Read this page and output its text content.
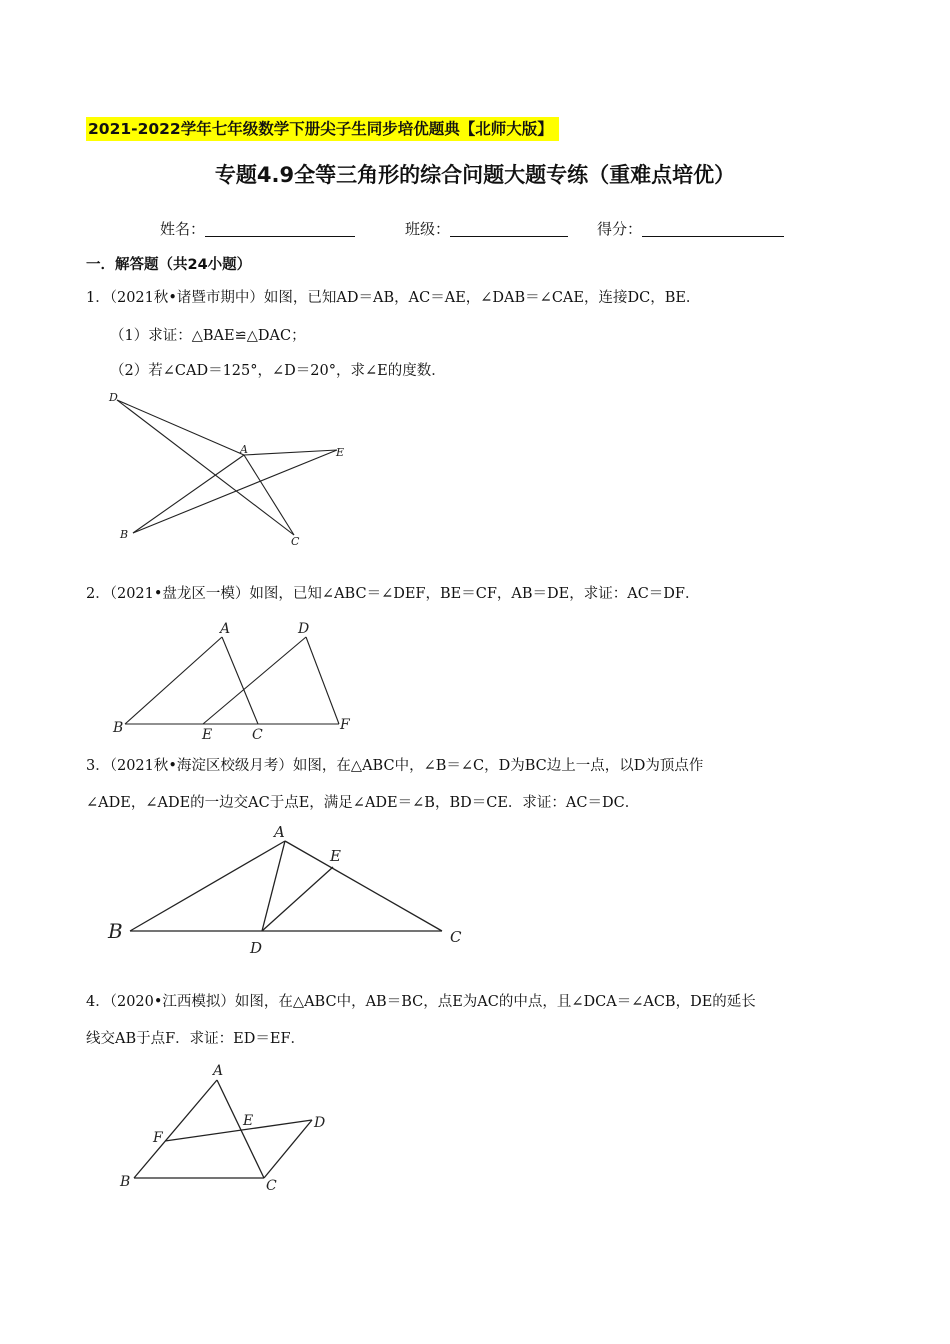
2021-2022学年七年级数学下册尖子生同步培优题典【北师大版】
专题4.9全等三角形的综合问题大题专练（重难点培优）
姓名：	班级：	得分：
一．解答题（共24小题）
1．（2021秋•诸暨市期中）如图，已知AD＝AB，AC＝AE，∠DAB＝∠CAE，连接DC，BE．
（1）求证：△BAE≌△DAC；
（2）若∠CAD＝125°，∠D＝20°，求∠E的度数．
D
A	E
B
C
2．（2021•盘龙区一模）如图，已知∠ABC＝∠DEF，BE＝CF，AB＝DE，求证：AC＝DF．
A	D
B	E	C
F
3．（2021秋•海淀区校级月考）如图，在△ABC中，∠B＝∠C，D为BC边上一点，以D为顶点作
∠ADE，∠ADE的一边交AC于点E，满足∠ADE＝∠B，BD＝CE．求证：AC＝DC．
A
E
B
D
C
4．（2020•江西模拟）如图，在△ABC中，AB＝BC，点E为AC的中点，且∠DCA＝∠ACB，DE的延长
线交AB于点F．求证：ED＝EF．
A
E	D
F
B	C
